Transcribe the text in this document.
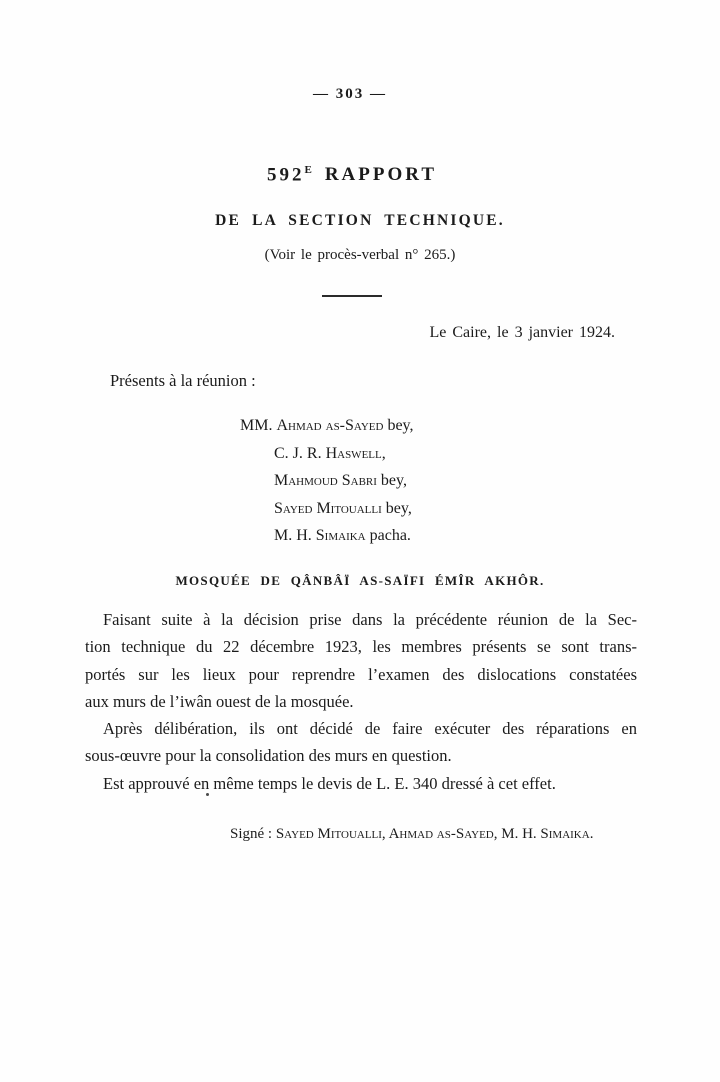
— 303 —
$592^E$ RAPPORT
DE LA SECTION TECHNIQUE.
(Voir le procès-verbal n° 265.)
Le Caire, le 3 janvier 1924.
Présents à la réunion :
MM. Ahmad as-Sayed bey,
C. J. R. Haswell,
Mahmoud Sabri bey,
Sayed Mitoualli bey,
M. H. Simaika pacha.
MOSQUÉE DE QÂNBÂÏ AS-SAÏFI ÉMÎR AKHÔR.
Faisant suite à la décision prise dans la précédente réunion de la Sec-
tion technique du 22 décembre 1923, les membres présents se sont trans-
portés sur les lieux pour reprendre l’examen des dislocations constatées
aux murs de l’iwân ouest de la mosquée.
Après délibération, ils ont décidé de faire exécuter des réparations en
sous-œuvre pour la consolidation des murs en question.
Est approuvé en même temps le devis de L. E. 340 dressé à cet effet.
Signé : Sayed Mitoualli, Ahmad as-Sayed, M. H. Simaika.
